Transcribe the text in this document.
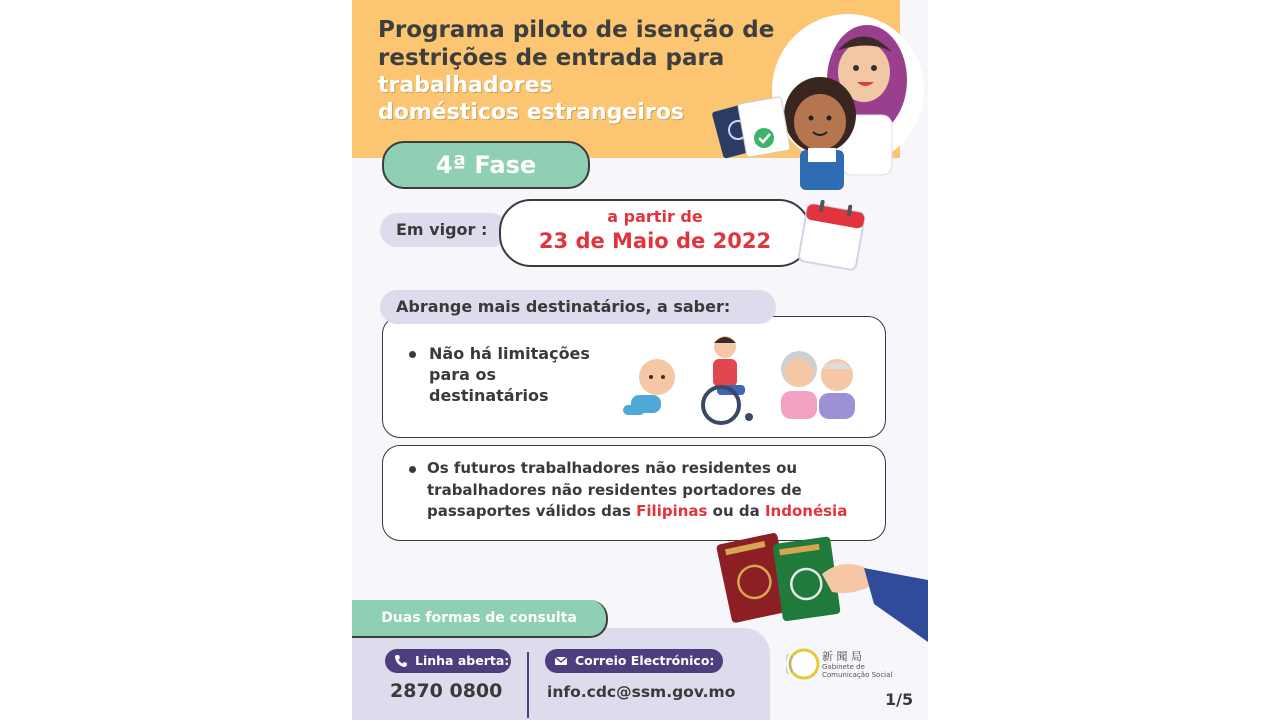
Programa piloto de isenção de
restrições de entrada para
trabalhadores
domésticos estrangeiros
4ª Fase
Em vigor :
a partir de
23 de Maio de 2022
Abrange mais destinatários, a saber:
Não há limitações
para os
destinatários
Os futuros trabalhadores não residentes ou
trabalhadores não residentes portadores de
passaportes válidos das Filipinas ou da Indonésia
Duas formas de consulta
Linha aberta:
2870 0800
Correio Electrónico:
info.cdc@ssm.gov.mo
新 聞 局
Gabinete de
Comunicação Social
1/5
